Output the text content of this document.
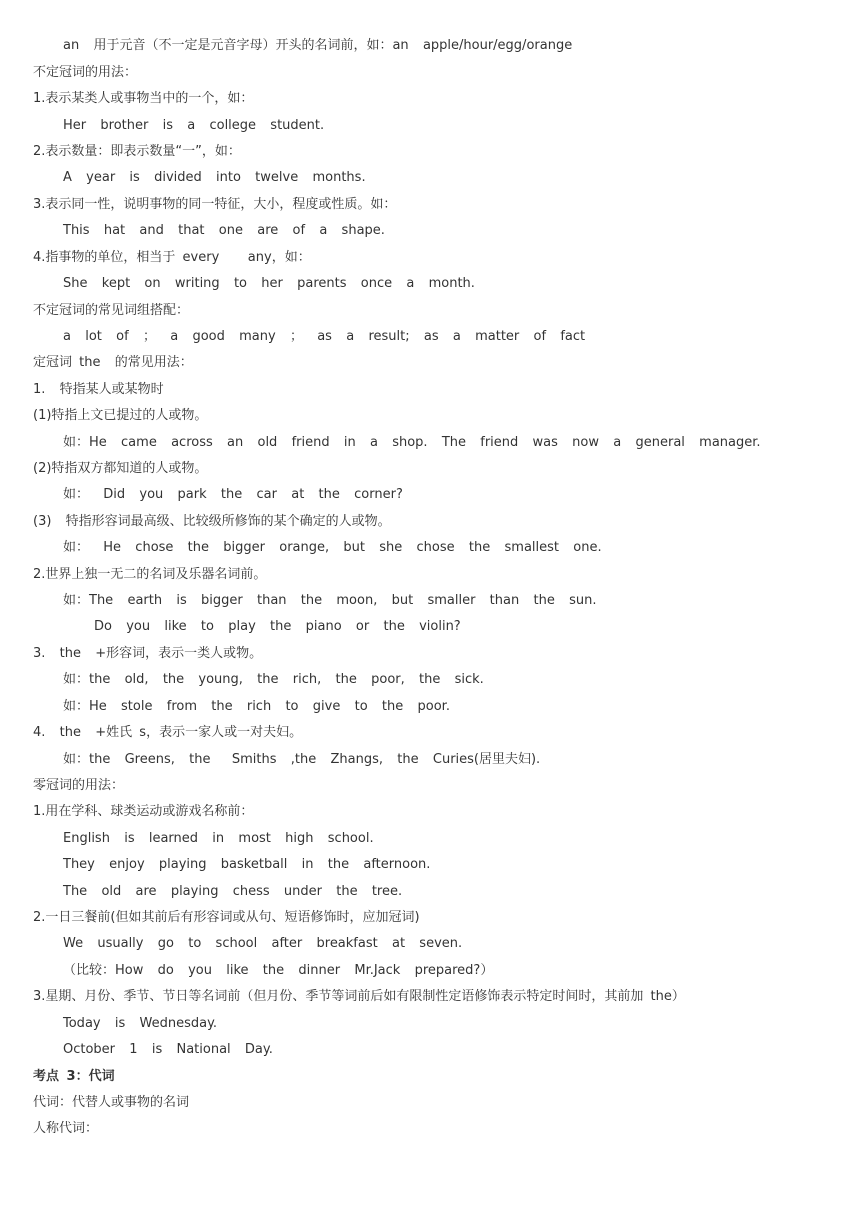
an  用于元音（不一定是元音字母）开头的名词前，如：an  apple/hour/egg/orange
不定冠词的用法：
1.表示某类人或事物当中的一个，如：
Her  brother  is  a  college  student.
2.表示数量：即表示数量“一”，如：
A  year  is  divided  into  twelve  months.
3.表示同一性，说明事物的同一特征，大小，程度或性质。如：
This  hat  and  that  one  are  of  a  shape.
4.指事物的单位，相当于 every    any，如：
She  kept  on  writing  to  her  parents  once  a  month.
不定冠词的常见词组搭配：
a  lot  of  ；  a  good  many  ；  as  a  result;  as  a  matter  of  fact
定冠词 the  的常见用法：
1.  特指某人或某物时
(1)特指上文已提过的人或物。
如：He  came  across  an  old  friend  in  a  shop.  The  friend  was  now  a  general  manager.
(2)特指双方都知道的人或物。
如：  Did  you  park  the  car  at  the  corner?
(3)  特指形容词最高级、比较级所修饰的某个确定的人或物。
如：  He  chose  the  bigger  orange,  but  she  chose  the  smallest  one.
2.世界上独一无二的名词及乐器名词前。
如：The  earth  is  bigger  than  the  moon,  but  smaller  than  the  sun.
Do  you  like  to  play  the  piano  or  the  violin?
3.  the  +形容词，表示一类人或物。
如：the  old,  the  young,  the  rich,  the  poor,  the  sick.
如：He  stole  from  the  rich  to  give  to  the  poor.
4.  the  +姓氏 s，表示一家人或一对夫妇。
如：the  Greens,  the   Smiths  ,the  Zhangs,  the  Curies(居里夫妇).
零冠词的用法：
1.用在学科、球类运动或游戏名称前：
English  is  learned  in  most  high  school.
They  enjoy  playing  basketball  in  the  afternoon.
The  old  are  playing  chess  under  the  tree.
2.一日三餐前(但如其前后有形容词或从句、短语修饰时，应加冠词)
We  usually  go  to  school  after  breakfast  at  seven.
（比较：How  do  you  like  the  dinner  Mr.Jack  prepared?）
3.星期、月份、季节、节日等名词前（但月份、季节等词前后如有限制性定语修饰表示特定时间时，其前加 the）
Today  is  Wednesday.
October  1  is  National  Day.
考点 3：代词
代词：代替人或事物的名词
人称代词：
